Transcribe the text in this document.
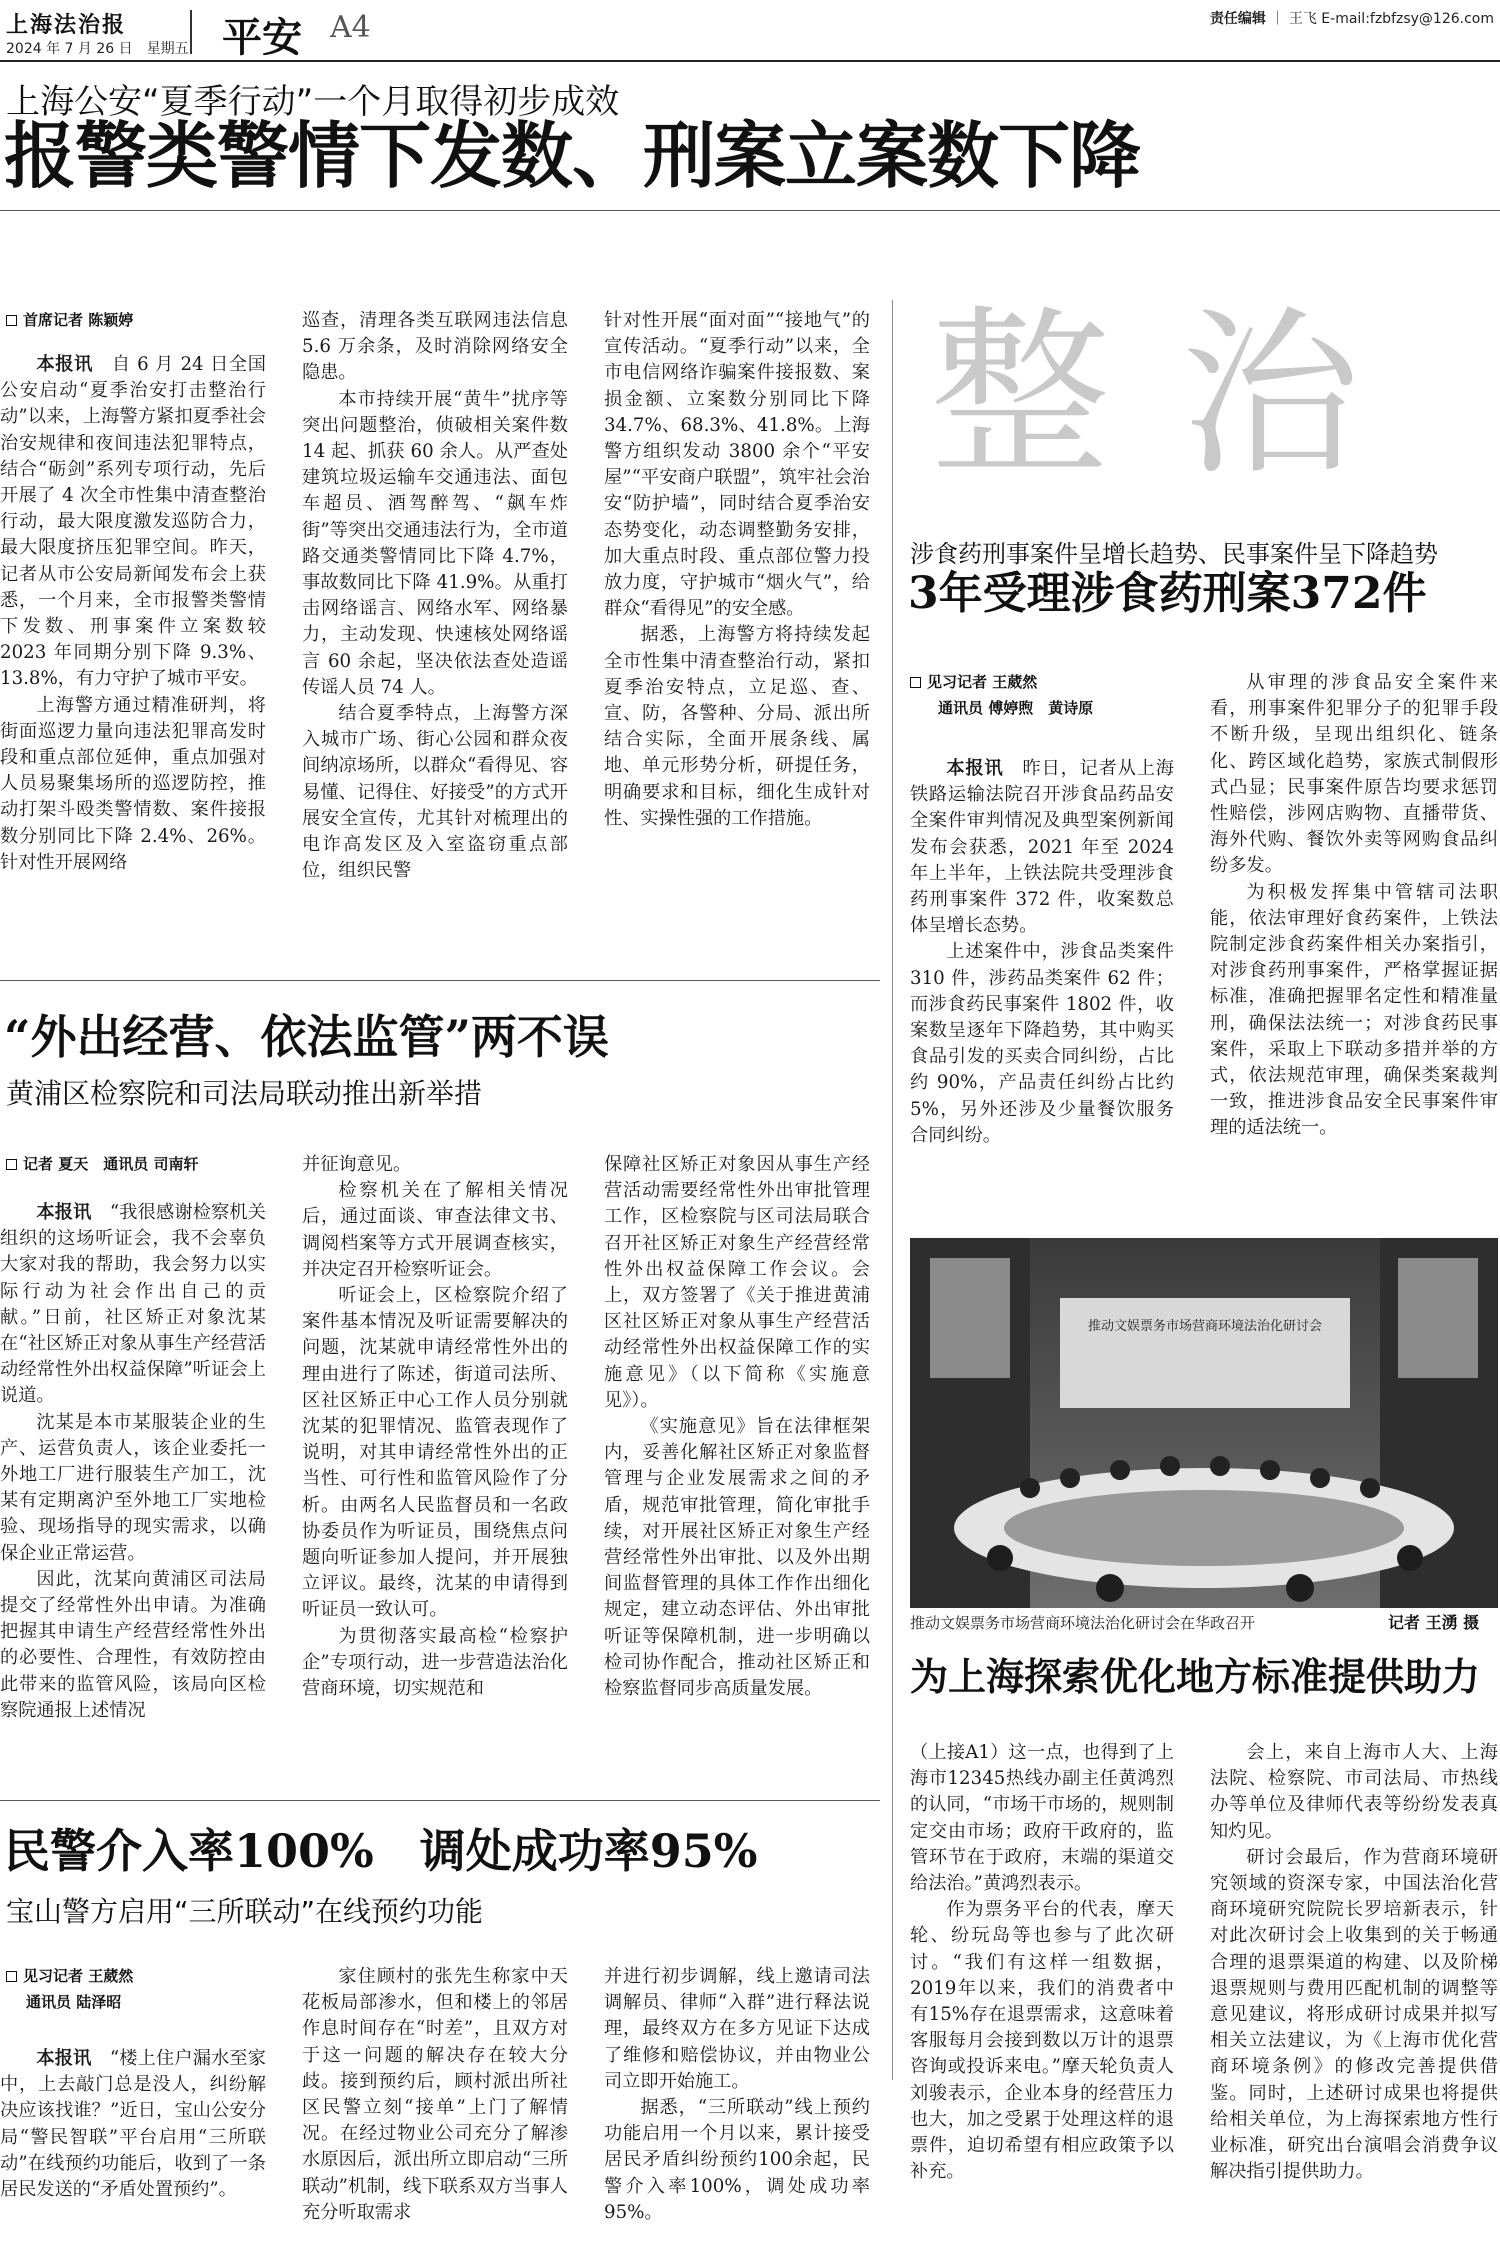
上海法治报
2024 年 7 月 26 日　星期五 平安 A4	责任编辑 ｜ 王飞 E-mail:fzbfzsy@126.com
上海公安“夏季行动”一个月取得初步成效
报警类警情下发数、刑案立案数下降
首席记者 陈颖婷

本报讯　 自 6 月 24 日全国公安启动“夏季治安打击整治行动”以来，上海警方紧扣夏季社会治安规律和夜间违法犯罪特点，结合“砺剑”系列专项行动，先后开展了 4 次全市性集中清查整治行动，最大限度激发巡防合力，最大限度挤压犯罪空间。昨天，记者从市公安局新闻发布会上获悉，一个月来，全市报警类警情下发数、刑事案件立案数较 2023 年同期分别下降 9.3%、13.8%，有力守护了城市平安。

上海警方通过精准研判，将街面巡逻力量向违法犯罪高发时段和重点部位延伸，重点加强对人员易聚集场所的巡逻防控，推动打架斗殴类警情数、案件接报数分别同比下降 2.4%、26%。针对性开展网络

巡查，清理各类互联网违法信息 5.6 万余条，及时消除网络安全隐患。

本市持续开展“黄牛”扰序等突出问题整治，侦破相关案件数 14 起、抓获 60 余人。从严查处建筑垃圾运输车交通违法、面包车超员、酒驾醉驾、“飙车炸街”等突出交通违法行为，全市道路交通类警情同比下降 4.7%，事故数同比下降 41.9%。从重打击网络谣言、网络水军、网络暴力，主动发现、快速核处网络谣言 60 余起，坚决依法查处造谣传谣人员 74 人。

结合夏季特点，上海警方深入城市广场、街心公园和群众夜间纳凉场所，以群众“看得见、容易懂、记得住、好接受”的方式开展安全宣传，尤其针对梳理出的电诈高发区及入室盗窃重点部位，组织民警

针对性开展“面对面”“接地气”的宣传活动。“夏季行动”以来，全市电信网络诈骗案件接报数、案损金额、立案数分别同比下降 34.7%、68.3%、41.8%。上海警方组织发动 3800 余个“平安屋”“平安商户联盟”，筑牢社会治安“防护墙”，同时结合夏季治安态势变化，动态调整勤务安排，加大重点时段、重点部位警力投放力度，守护城市“烟火气”，给群众“看得见”的安全感。

据悉，上海警方将持续发起全市性集中清查整治行动，紧扣夏季治安特点，立足巡、查、宣、防，各警种、分局、派出所结合实际，全面开展条线、属地、单元形势分析，研提任务，明确要求和目标，细化生成针对性、实操性强的工作措施。

整治
涉食药刑事案件呈增长趋势、民事案件呈下降趋势
3年受理涉食药刑案372件
见习记者 王葳然
通讯员 傅婷煦　黄诗原

本报讯　 昨日，记者从上海铁路运输法院召开涉食品药品安全案件审判情况及典型案例新闻发布会获悉，2021 年至 2024 年上半年，上铁法院共受理涉食药刑事案件 372 件，收案数总体呈增长态势。

上述案件中，涉食品类案件 310 件，涉药品类案件 62 件；而涉食药民事案件 1802 件，收案数呈逐年下降趋势，其中购买食品引发的买卖合同纠纷，占比约 90%，产品责任纠纷占比约 5%，另外还涉及少量餐饮服务合同纠纷。

从审理的涉食品安全案件来看，刑事案件犯罪分子的犯罪手段不断升级，呈现出组织化、链条化、跨区域化趋势，家族式制假形式凸显；民事案件原告均要求惩罚性赔偿，涉网店购物、直播带货、海外代购、餐饮外卖等网购食品纠纷多发。

为积极发挥集中管辖司法职能，依法审理好食药案件，上铁法院制定涉食药案件相关办案指引，对涉食药刑事案件，严格掌握证据标准，准确把握罪名定性和精准量刑，确保法法统一；对涉食药民事案件，采取上下联动多措并举的方式，依法规范审理，确保类案裁判一致，推进涉食品安全民事案件审理的适法统一。

“外出经营、依法监管”两不误
黄浦区检察院和司法局联动推出新举措
记者 夏天　通讯员 司南轩

本报讯　 “我很感谢检察机关组织的这场听证会，我不会辜负大家对我的帮助，我会努力以实际行动为社会作出自己的贡献。”日前，社区矫正对象沈某在“社区矫正对象从事生产经营活动经常性外出权益保障”听证会上说道。

沈某是本市某服装企业的生产、运营负责人，该企业委托一外地工厂进行服装生产加工，沈某有定期离沪至外地工厂实地检验、现场指导的现实需求，以确保企业正常运营。

因此，沈某向黄浦区司法局提交了经常性外出申请。为准确把握其申请生产经营经常性外出的必要性、合理性，有效防控由此带来的监管风险，该局向区检察院通报上述情况

并征询意见。

检察机关在了解相关情况后，通过面谈、审查法律文书、调阅档案等方式开展调查核实，并决定召开检察听证会。

听证会上，区检察院介绍了案件基本情况及听证需要解决的问题，沈某就申请经常性外出的理由进行了陈述，街道司法所、区社区矫正中心工作人员分别就沈某的犯罪情况、监管表现作了说明，对其申请经常性外出的正当性、可行性和监管风险作了分析。由两名人民监督员和一名政协委员作为听证员，围绕焦点问题向听证参加人提问，并开展独立评议。最终，沈某的申请得到听证员一致认可。

为贯彻落实最高检“检察护企”专项行动，进一步营造法治化营商环境，切实规范和

保障社区矫正对象因从事生产经营活动需要经常性外出审批管理工作，区检察院与区司法局联合召开社区矫正对象生产经营经常性外出权益保障工作会议。会上，双方签署了《关于推进黄浦区社区矫正对象从事生产经营活动经常性外出权益保障工作的实施意见》（以下简称《实施意见》）。

《实施意见》旨在法律框架内，妥善化解社区矫正对象监督管理与企业发展需求之间的矛盾，规范审批管理，简化审批手续，对开展社区矫正对象生产经营经常性外出审批、以及外出期间监督管理的具体工作作出细化规定，建立动态评估、外出审批听证等保障机制，进一步明确以检司协作配合，推动社区矫正和检察监督同步高质量发展。

推动文娱票务市场营商环境法治化研讨会
推动文娱票务市场营商环境法治化研讨会在华政召开	记者 王湧 摄
为上海探索优化地方标准提供助力

（上接A1）这一点，也得到了上海市12345热线办副主任黄鸿烈的认同，“市场干市场的，规则制定交由市场；政府干政府的，监管环节在于政府，末端的渠道交给法治。”黄鸿烈表示。

作为票务平台的代表，摩天轮、纷玩岛等也参与了此次研讨。“我们有这样一组数据，2019年以来，我们的消费者中有15%存在退票需求，这意味着客服每月会接到数以万计的退票咨询或投诉来电。”摩天轮负责人刘骏表示，企业本身的经营压力也大，加之受累于处理这样的退票件，迫切希望有相应政策予以补充。

会上，来自上海市人大、上海法院、检察院、市司法局、市热线办等单位及律师代表等纷纷发表真知灼见。

研讨会最后，作为营商环境研究领域的资深专家，中国法治化营商环境研究院院长罗培新表示，针对此次研讨会上收集到的关于畅通合理的退票渠道的构建、以及阶梯退票规则与费用匹配机制的调整等意见建议，将形成研讨成果并拟写相关立法建议，为《上海市优化营商环境条例》的修改完善提供借鉴。同时，上述研讨成果也将提供给相关单位，为上海探索地方性行业标准，研究出台演唱会消费争议解决指引提供助力。

民警介入率100%　调处成功率95%
宝山警方启用“三所联动”在线预约功能
见习记者 王葳然
通讯员 陆泽昭

本报讯　 “楼上住户漏水至家中，上去敲门总是没人，纠纷解决应该找谁？”近日，宝山公安分局“警民智联”平台启用“三所联动”在线预约功能后，收到了一条居民发送的“矛盾处置预约”。

家住顾村的张先生称家中天花板局部渗水，但和楼上的邻居作息时间存在“时差”，且双方对于这一问题的解决存在较大分歧。接到预约后，顾村派出所社区民警立刻“接单”上门了解情况。在经过物业公司充分了解渗水原因后，派出所立即启动“三所联动”机制，线下联系双方当事人充分听取需求

并进行初步调解，线上邀请司法调解员、律师“入群”进行释法说理，最终双方在多方见证下达成了维修和赔偿协议，并由物业公司立即开始施工。

据悉，“三所联动”线上预约功能启用一个月以来，累计接受居民矛盾纠纷预约100余起，民警介入率100%，调处成功率 95%。
